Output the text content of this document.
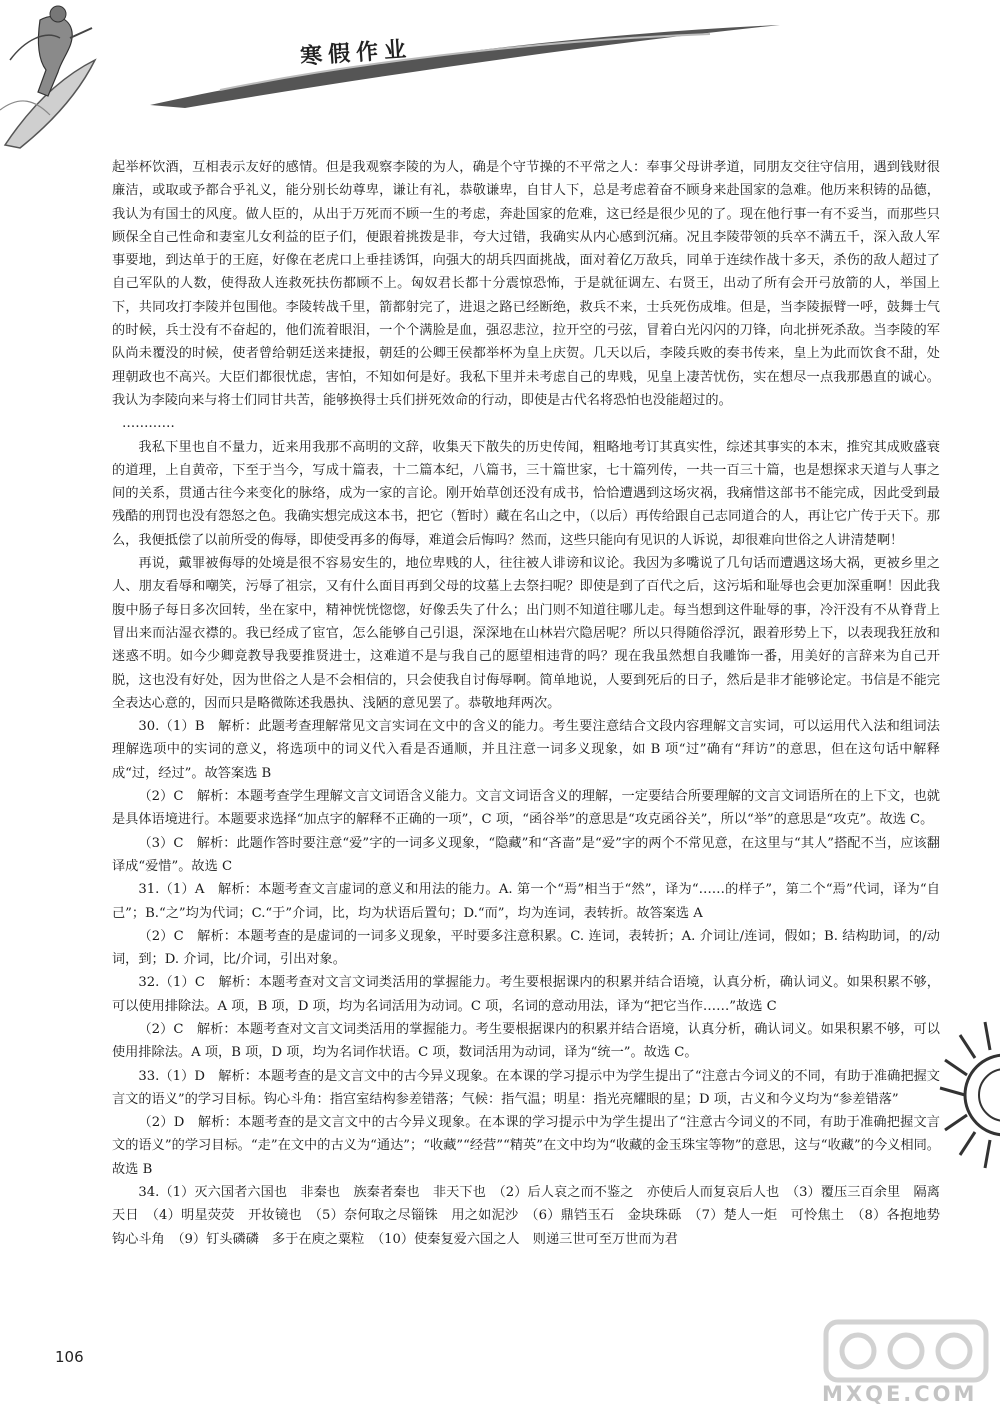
寒假作业

起举杯饮酒，互相表示友好的感情。但是我观察李陵的为人，确是个守节操的不平常之人：奉事父母讲孝道，同朋友交往守信用，遇到钱财很廉洁，或取或予都合乎礼义，能分别长幼尊卑，谦让有礼，恭敬谦卑，自甘人下，总是考虑着奋不顾身来赴国家的急难。他历来积铸的品德，我认为有国士的风度。做人臣的，从出于万死而不顾一生的考虑，奔赴国家的危难，这已经是很少见的了。现在他行事一有不妥当，而那些只顾保全自己性命和妻室儿女利益的臣子们，便跟着挑拨是非，夸大过错，我确实从内心感到沉痛。况且李陵带领的兵卒不满五千，深入敌人军事要地，到达单于的王庭，好像在老虎口上垂挂诱饵，向强大的胡兵四面挑战，面对着亿万敌兵，同单于连续作战十多天，杀伤的敌人超过了自己军队的人数，使得敌人连救死扶伤都顾不上。匈奴君长都十分震惊恐怖，于是就征调左、右贤王，出动了所有会开弓放箭的人，举国上下，共同攻打李陵并包围他。李陵转战千里，箭都射完了，进退之路已经断绝，救兵不来，士兵死伤成堆。但是，当李陵振臂一呼，鼓舞士气的时候，兵士没有不奋起的，他们流着眼泪，一个个满脸是血，强忍悲泣，拉开空的弓弦，冒着白光闪闪的刀锋，向北拼死杀敌。当李陵的军队尚未覆没的时候，使者曾给朝廷送来捷报，朝廷的公卿王侯都举杯为皇上庆贺。几天以后，李陵兵败的奏书传来，皇上为此而饮食不甜，处理朝政也不高兴。大臣们都很忧虑，害怕，不知如何是好。我私下里并未考虑自己的卑贱，见皇上凄苦忧伤，实在想尽一点我那愚直的诚心。我认为李陵向来与将士们同甘共苦，能够换得士兵们拼死效命的行动，即使是古代名将恐怕也没能超过的。

…………

我私下里也自不量力，近来用我那不高明的文辞，收集天下散失的历史传闻，粗略地考订其真实性，综述其事实的本末，推究其成败盛衰的道理，上自黄帝，下至于当今，写成十篇表，十二篇本纪，八篇书，三十篇世家，七十篇列传，一共一百三十篇，也是想探求天道与人事之间的关系，贯通古往今来变化的脉络，成为一家的言论。刚开始草创还没有成书，恰恰遭遇到这场灾祸，我痛惜这部书不能完成，因此受到最残酷的刑罚也没有怨怒之色。我确实想完成这本书，把它（暂时）藏在名山之中，（以后）再传给跟自己志同道合的人，再让它广传于天下。那么，我便抵偿了以前所受的侮辱，即使受再多的侮辱，难道会后悔吗？然而，这些只能向有见识的人诉说，却很难向世俗之人讲清楚啊！

再说，戴罪被侮辱的处境是很不容易安生的，地位卑贱的人，往往被人诽谤和议论。我因为多嘴说了几句话而遭遇这场大祸，更被乡里之人、朋友看辱和嘲笑，污辱了祖宗，又有什么面目再到父母的坟墓上去祭扫呢？即使是到了百代之后，这污垢和耻辱也会更加深重啊！因此我腹中肠子每日多次回转，坐在家中，精神恍恍惚惚，好像丢失了什么；出门则不知道往哪儿走。每当想到这件耻辱的事，冷汗没有不从脊背上冒出来而沾湿衣襟的。我已经成了宦官，怎么能够自己引退，深深地在山林岩穴隐居呢？所以只得随俗浮沉，跟着形势上下，以表现我狂放和迷惑不明。如今少卿竟教导我要推贤进士，这难道不是与我自己的愿望相违背的吗？现在我虽然想自我雕饰一番，用美好的言辞来为自己开脱，这也没有好处，因为世俗之人是不会相信的，只会使我自讨侮辱啊。简单地说，人要到死后的日子，然后是非才能够论定。书信是不能完全表达心意的，因而只是略微陈述我愚执、浅陋的意见罢了。恭敬地拜两次。

30.（1）B　解析：此题考查理解常见文言实词在文中的含义的能力。考生要注意结合文段内容理解文言实词，可以运用代入法和组词法理解选项中的实词的意义，将选项中的词义代入看是否通顺，并且注意一词多义现象，如 B 项“过”确有“拜访”的意思，但在这句话中解释成“过，经过”。故答案选 B

（2）C　解析：本题考查学生理解文言文词语含义能力。文言文词语含义的理解，一定要结合所要理解的文言文词语所在的上下文，也就是具体语境进行。本题要求选择“加点字的解释不正确的一项”，C 项，“函谷举”的意思是“攻克函谷关”，所以“举”的意思是“攻克”。故选 C。

（3）C　解析：此题作答时要注意“爱”字的一词多义现象，“隐藏”和“吝啬”是“爱”字的两个不常见意，在这里与“其人”搭配不当，应该翻译成“爱惜”。故选 C

31.（1）A　解析：本题考查文言虚词的意义和用法的能力。A. 第一个“焉”相当于“然”，译为“……的样子”，第二个“焉”代词，译为“自己”；B.“之”均为代词；C.“于”介词，比，均为状语后置句；D.“而”，均为连词，表转折。故答案选 A

（2）C　解析：本题考查的是虚词的一词多义现象，平时要多注意积累。C. 连词，表转折；A. 介词让/连词，假如；B. 结构助词，的/动词，到；D. 介词，比/介词，引出对象。

32.（1）C　解析：本题考查对文言文词类活用的掌握能力。考生要根据课内的积累并结合语境，认真分析，确认词义。如果积累不够，可以使用排除法。A 项，B 项，D 项，均为名词活用为动词。C 项，名词的意动用法，译为“把它当作……”故选 C

（2）C　解析：本题考查对文言文词类活用的掌握能力。考生要根据课内的积累并结合语境，认真分析，确认词义。如果积累不够，可以使用排除法。A 项，B 项，D 项，均为名词作状语。C 项，数词活用为动词，译为“统一”。故选 C。

33.（1）D　解析：本题考查的是文言文中的古今异义现象。在本课的学习提示中为学生提出了“注意古今词义的不同，有助于准确把握文言文的语义”的学习目标。钩心斗角：指宫室结构参差错落；气候：指气温；明星：指光亮耀眼的星；D 项，古义和今义均为“参差错落”

（2）D　解析：本题考查的是文言文中的古今异义现象。在本课的学习提示中为学生提出了“注意古今词义的不同，有助于准确把握文言文的语义”的学习目标。“走”在文中的古义为“通达”；“收藏”“经营”“精英”在文中均为“收藏的金玉珠宝等物”的意思，这与“收藏”的今义相同。故选 B

34.（1）灭六国者六国也　非秦也　族秦者秦也　非天下也　（2）后人哀之而不鉴之　亦使后人而复哀后人也　（3）覆压三百余里　隔离天日　（4）明星荧荧　开妆镜也　（5）奈何取之尽锱铢　用之如泥沙　（6）鼎铛玉石　金块珠砾　（7）楚人一炬　可怜焦土　（8）各抱地势　钩心斗角　（9）钉头磷磷　多于在庾之粟粒　（10）使秦复爱六国之人　则递三世可至万世而为君

106
MXQE.COM
